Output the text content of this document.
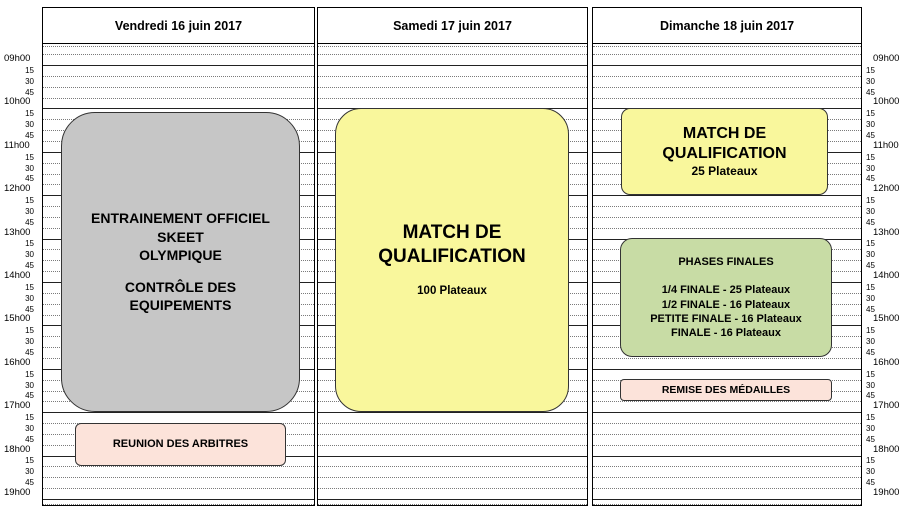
09h00
15
30
45
10h00
15
30
45
11h00
15
30
45
12h00
15
30
45
13h00
15
30
45
14h00
15
30
45
15h00
15
30
45
16h00
15
30
45
17h00
15
30
45
18h00
15
30
45
19h00
09h00
15
30
45
10h00
15
30
45
11h00
15
30
45
12h00
15
30
45
13h00
15
30
45
14h00
15
30
45
15h00
15
30
45
16h00
15
30
45
17h00
15
30
45
18h00
15
30
45
19h00
Vendredi 16 juin 2017
ENTRAINEMENT OFFICIEL
SKEET
OLYMPIQUE
CONTRÔLE DES
EQUIPEMENTS
REUNION DES ARBITRES
Samedi 17 juin 2017
MATCH DE
QUALIFICATION
100 Plateaux
Dimanche 18 juin 2017
MATCH DE
QUALIFICATION
25 Plateaux
PHASES FINALES
1/4 FINALE - 25 Plateaux
1/2 FINALE - 16 Plateaux
PETITE FINALE - 16 Plateaux
FINALE - 16 Plateaux
REMISE DES MÉDAILLES
